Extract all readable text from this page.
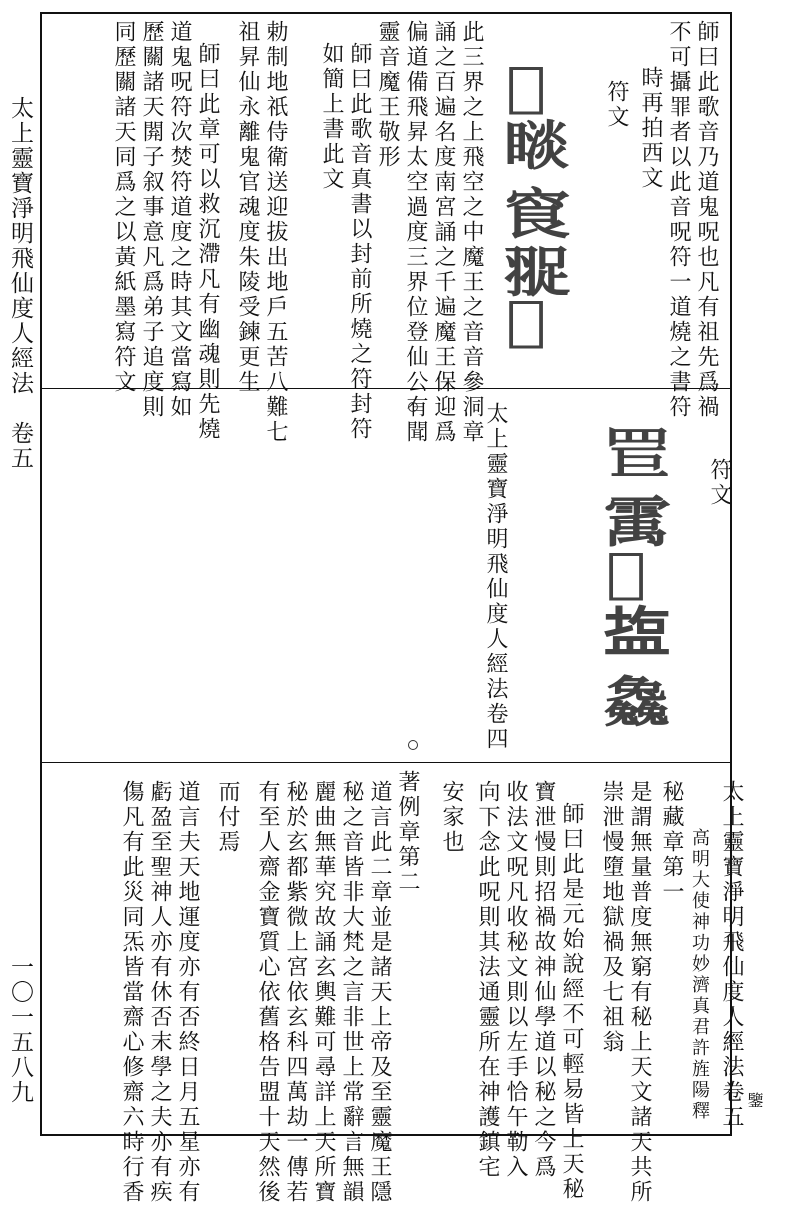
太上靈寶淨明飛仙度人經法　卷五
一〇一五八九
師曰此歌音乃道鬼呪也凡有祖先爲禍
不可攝罪者以此音呪符一道燒之書符
時再拍西文
符文
𤑙
𥊗
䆡
䎌
𥩟
此三界之上飛空之中魔王之音音參洞章
誦之百遍名度南宮誦之千遍魔王保迎爲
偏道備飛昇太空過度三界位登仙公有聞
靈音魔王敬形
師曰此歌音真書以封前所燒之符封符
如簡上書此文
勅制地祇侍衛送迎拔出地戶五苦八難七
祖昇仙永離鬼官魂度朱陵受鍊更生
師曰此章可以救沉滯凡有幽魂則先燒
道鬼呪符次焚符道度之時其文當寫如
歷關諸天閞子叙事意凡爲弟子追度則
同歷關諸天同爲之以黃紙墨寫符文
太上靈寶淨明飛仙度人經法卷四	符文
𦊐
䨞
𧬙
𥂁
𠓗
太上靈寶淨明飛仙度人經法卷五
高明大使神功妙濟真君許旌陽釋
秘藏章第一
是謂無量普度無窮有秘上天文諸天共所
崇泄慢墮地獄禍及七祖翁
師曰此是元始說經不可輕易皆上天秘
寶泄慢則招禍故神仙學道以秘之今爲
收法文呪凡收秘文則以左手恰午勒入
向下念此呪則其法通靈所在神護鎮宅
安家也
著例章第二
道言此二章並是諸天上帝及至靈魔王隱
秘之音皆非大梵之言非世上常辭言無韻
麗曲無華究故誦玄輿難可尋詳上天所寶
秘於玄都紫微上宮依玄科四萬劫一傳若
有至人齋金寶質心依舊格告盟十天然後
而付焉
道言夫天地運度亦有否終日月五星亦有
虧盈至聖神人亦有休否末學之夫亦有疾
傷凡有此災同炁皆當齋心修齋六時行香	鑒
